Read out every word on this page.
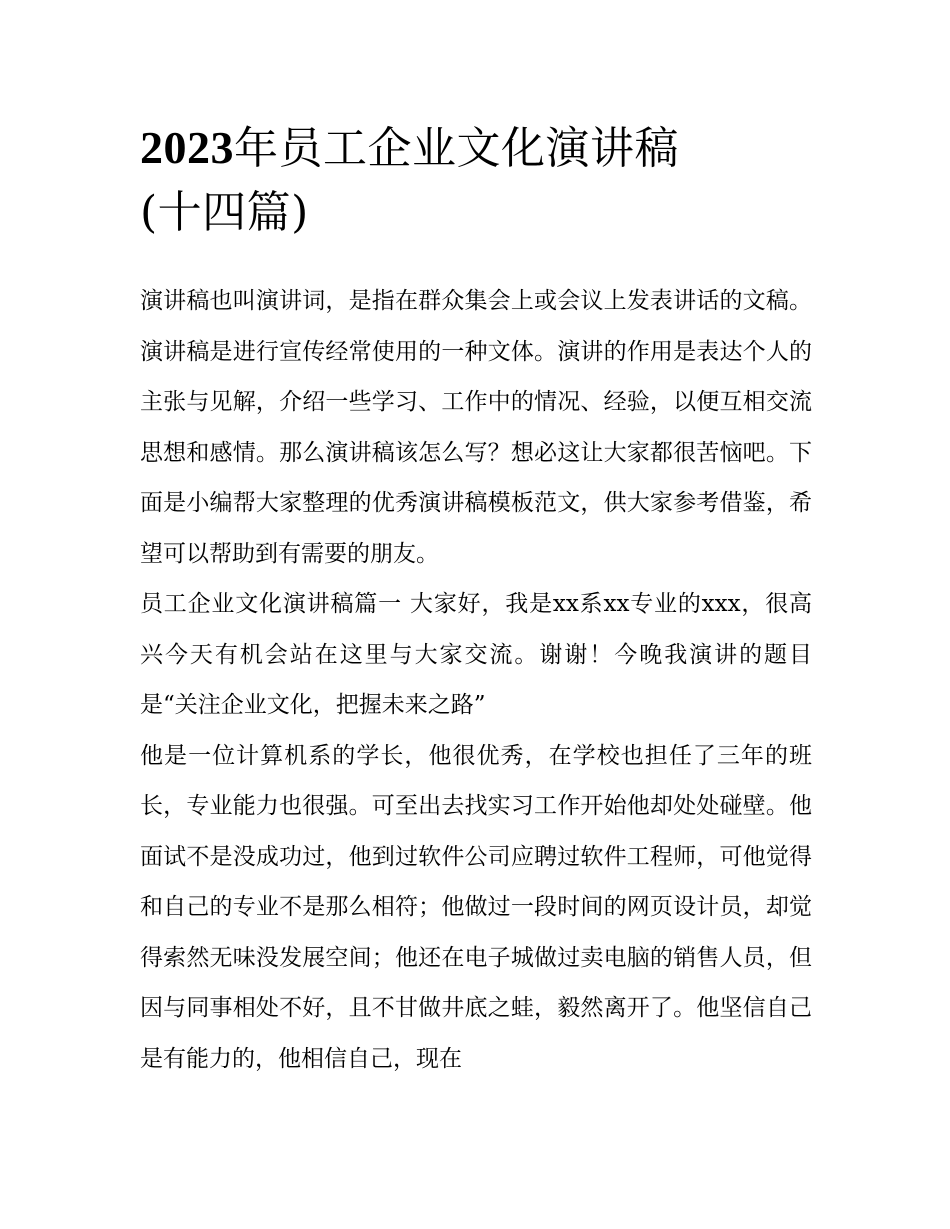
2023年员工企业文化演讲稿
(十四篇)

演讲稿也叫演讲词，是指在群众集会上或会议上发表讲话的文稿。演讲稿是进行宣传经常使用的一种文体。演讲的作用是表达个人的主张与见解，介绍一些学习、工作中的情况、经验，以便互相交流思想和感情。那么演讲稿该怎么写？想必这让大家都很苦恼吧。下面是小编帮大家整理的优秀演讲稿模板范文，供大家参考借鉴，希望可以帮助到有需要的朋友。

员工企业文化演讲稿篇一 大家好，我是xx系xx专业的xxx，很高兴今天有机会站在这里与大家交流。谢谢！今晚我演讲的题目是“关注企业文化，把握未来之路”

他是一位计算机系的学长，他很优秀，在学校也担任了三年的班长，专业能力也很强。可至出去找实习工作开始他却处处碰壁。他面试不是没成功过，他到过软件公司应聘过软件工程师，可他觉得和自己的专业不是那么相符；他做过一段时间的网页设计员，却觉得索然无味没发展空间；他还在电子城做过卖电脑的销售人员，但因与同事相处不好，且不甘做井底之蛙，毅然离开了。他坚信自己是有能力的，他相信自己，现在
